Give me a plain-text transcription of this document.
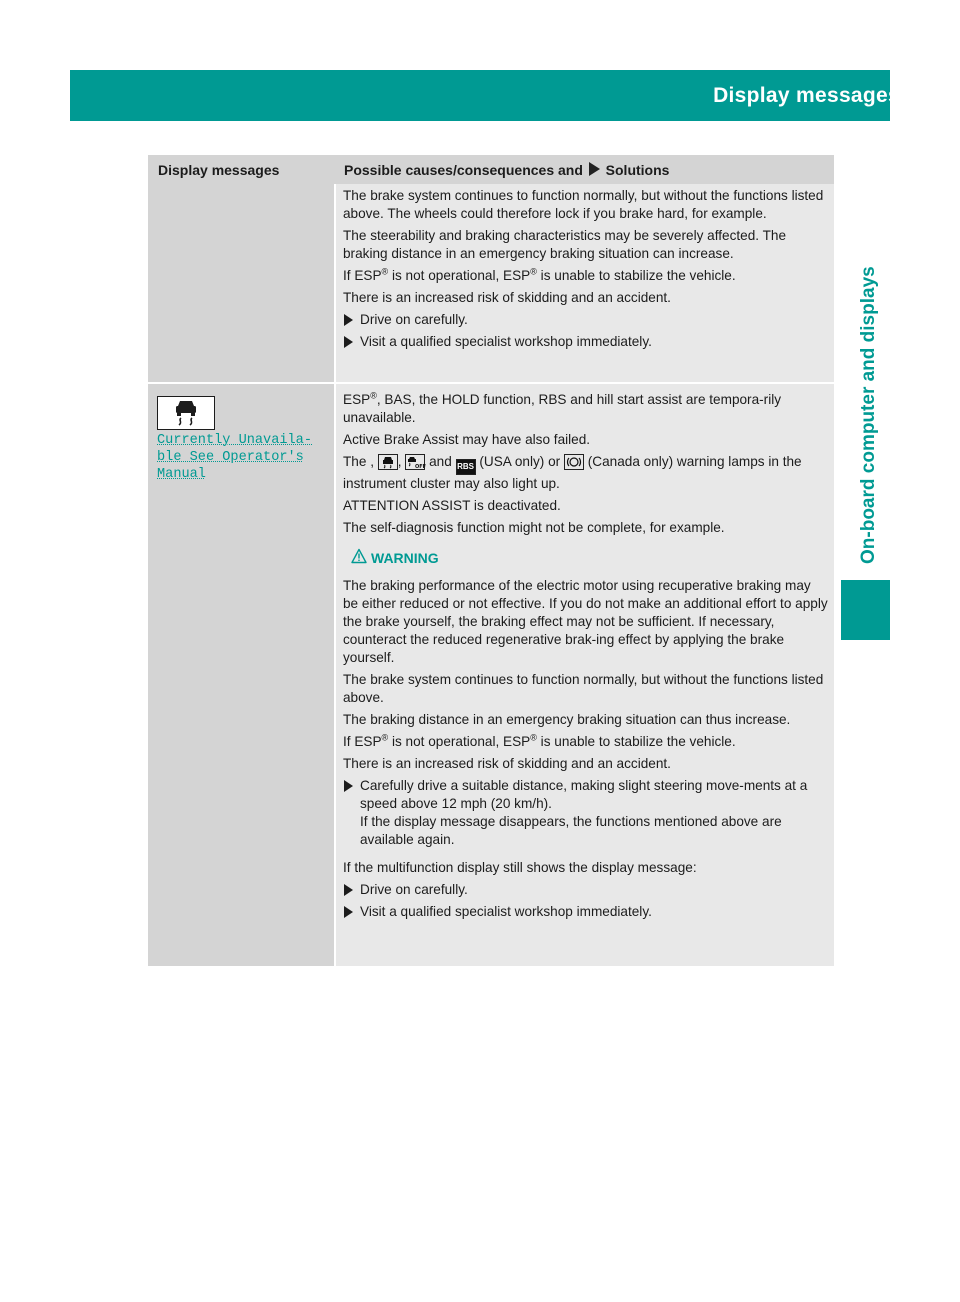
Display messages 169
On-board computer and displays
Display messages	Possible causes/consequences and Solutions

The brake system continues to function normally, but without the functions listed above. The wheels could therefore lock if you brake hard, for example.

The steerability and braking characteristics may be severely affected. The braking distance in an emergency braking situation can increase.

If ESP® is not operational, ESP® is unable to stabilize the vehicle.

There is an increased risk of skidding and an accident.

Drive on carefully.
Visit a qualified specialist workshop immediately.
Currently Unavaila‐
ble See Operator's
Manual

ESP®, BAS, the HOLD function, RBS and hill start assist are tempora‐rily unavailable.

Active Brake Assist may have also failed.

The , ,	OFF and RBS (USA only) or (Canada only) warning lamps in the instrument cluster may also light up.

ATTENTION ASSIST is deactivated.

The self-diagnosis function might not be complete, for example.

WARNING

The braking performance of the electric motor using recuperative braking may be either reduced or not effective. If you do not make an additional effort to apply the brake yourself, the braking effect may not be sufficient. If necessary, counteract the reduced regenerative brak‐ing effect by applying the brake yourself.

The brake system continues to function normally, but without the functions listed above.

The braking distance in an emergency braking situation can thus increase.

If ESP® is not operational, ESP® is unable to stabilize the vehicle.

There is an increased risk of skidding and an accident.

Carefully drive a suitable distance, making slight steering move‐ments at a speed above 12 mph (20 km/h).
If the display message disappears, the functions mentioned above are available again.

If the multifunction display still shows the display message:

Drive on carefully.
Visit a qualified specialist workshop immediately.
